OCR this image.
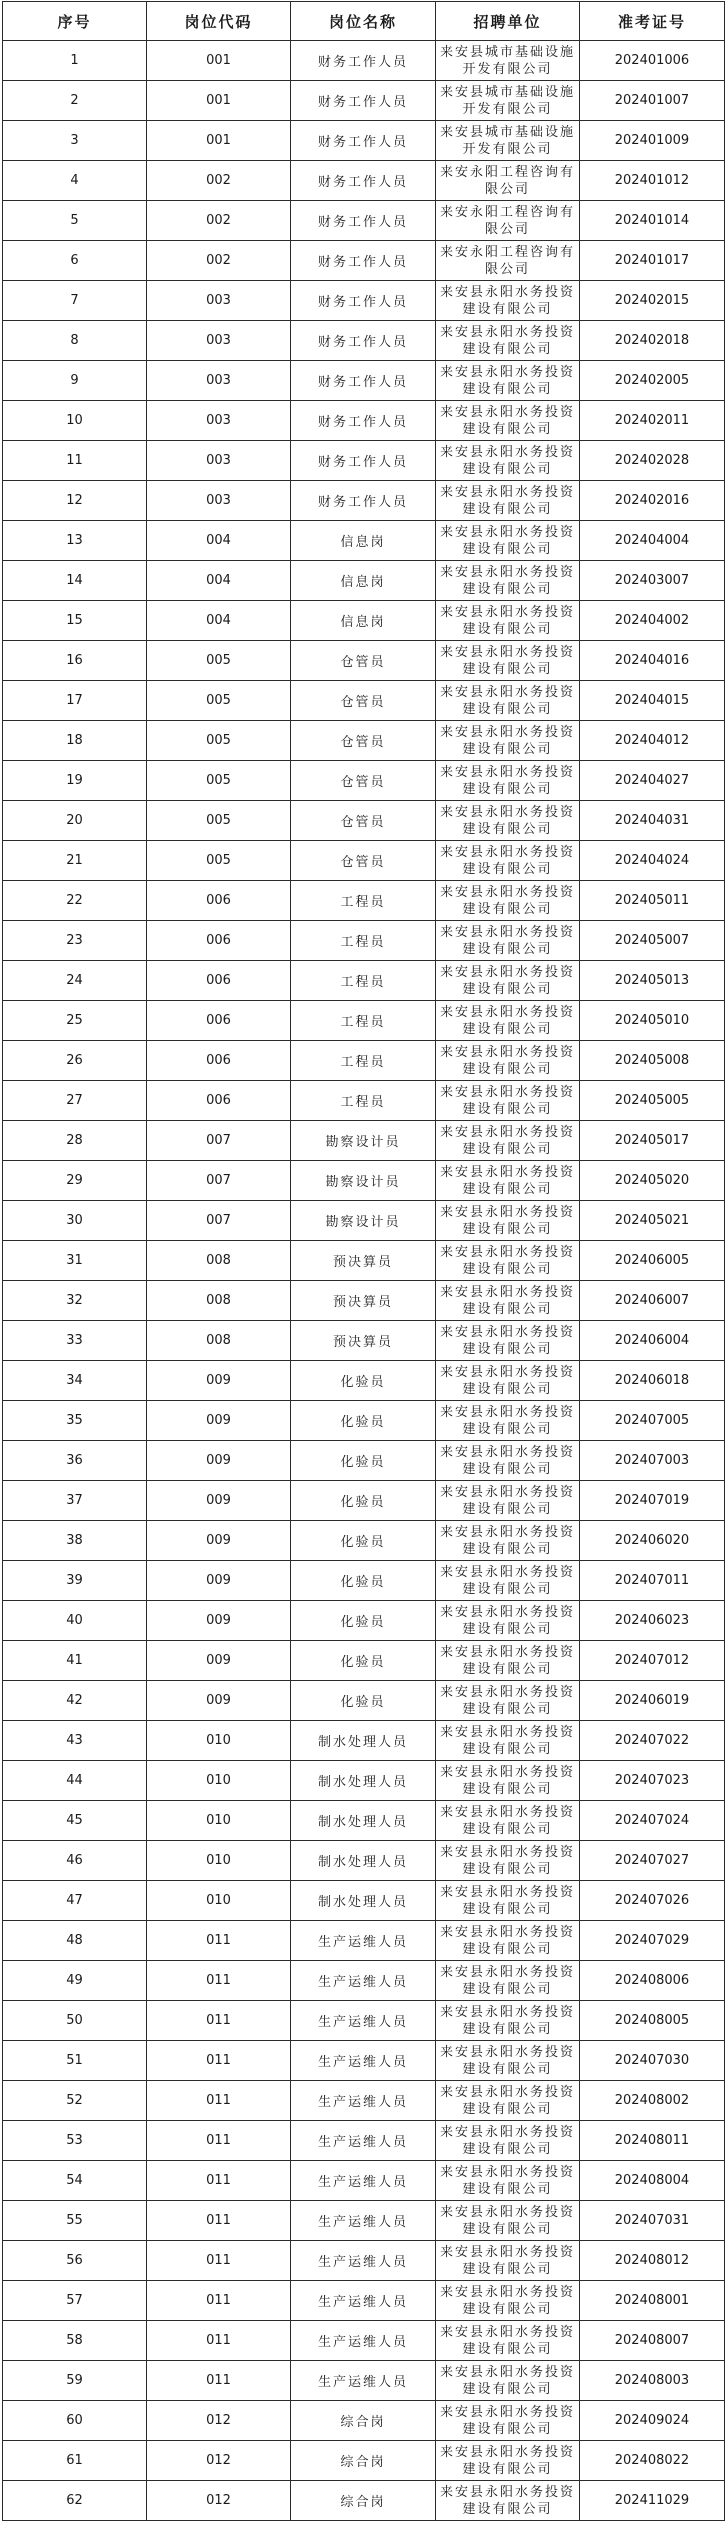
序号	岗位代码	岗位名称	招聘单位	准考证号
1	001	财务工作人员	来安县城市基础设施开发有限公司	202401006
2	001	财务工作人员	来安县城市基础设施开发有限公司	202401007
3	001	财务工作人员	来安县城市基础设施开发有限公司	202401009
4	002	财务工作人员	来安永阳工程咨询有限公司	202401012
5	002	财务工作人员	来安永阳工程咨询有限公司	202401014
6	002	财务工作人员	来安永阳工程咨询有限公司	202401017
7	003	财务工作人员	来安县永阳水务投资建设有限公司	202402015
8	003	财务工作人员	来安县永阳水务投资建设有限公司	202402018
9	003	财务工作人员	来安县永阳水务投资建设有限公司	202402005
10	003	财务工作人员	来安县永阳水务投资建设有限公司	202402011
11	003	财务工作人员	来安县永阳水务投资建设有限公司	202402028
12	003	财务工作人员	来安县永阳水务投资建设有限公司	202402016
13	004	信息岗	来安县永阳水务投资建设有限公司	202404004
14	004	信息岗	来安县永阳水务投资建设有限公司	202403007
15	004	信息岗	来安县永阳水务投资建设有限公司	202404002
16	005	仓管员	来安县永阳水务投资建设有限公司	202404016
17	005	仓管员	来安县永阳水务投资建设有限公司	202404015
18	005	仓管员	来安县永阳水务投资建设有限公司	202404012
19	005	仓管员	来安县永阳水务投资建设有限公司	202404027
20	005	仓管员	来安县永阳水务投资建设有限公司	202404031
21	005	仓管员	来安县永阳水务投资建设有限公司	202404024
22	006	工程员	来安县永阳水务投资建设有限公司	202405011
23	006	工程员	来安县永阳水务投资建设有限公司	202405007
24	006	工程员	来安县永阳水务投资建设有限公司	202405013
25	006	工程员	来安县永阳水务投资建设有限公司	202405010
26	006	工程员	来安县永阳水务投资建设有限公司	202405008
27	006	工程员	来安县永阳水务投资建设有限公司	202405005
28	007	勘察设计员	来安县永阳水务投资建设有限公司	202405017
29	007	勘察设计员	来安县永阳水务投资建设有限公司	202405020
30	007	勘察设计员	来安县永阳水务投资建设有限公司	202405021
31	008	预决算员	来安县永阳水务投资建设有限公司	202406005
32	008	预决算员	来安县永阳水务投资建设有限公司	202406007
33	008	预决算员	来安县永阳水务投资建设有限公司	202406004
34	009	化验员	来安县永阳水务投资建设有限公司	202406018
35	009	化验员	来安县永阳水务投资建设有限公司	202407005
36	009	化验员	来安县永阳水务投资建设有限公司	202407003
37	009	化验员	来安县永阳水务投资建设有限公司	202407019
38	009	化验员	来安县永阳水务投资建设有限公司	202406020
39	009	化验员	来安县永阳水务投资建设有限公司	202407011
40	009	化验员	来安县永阳水务投资建设有限公司	202406023
41	009	化验员	来安县永阳水务投资建设有限公司	202407012
42	009	化验员	来安县永阳水务投资建设有限公司	202406019
43	010	制水处理人员	来安县永阳水务投资建设有限公司	202407022
44	010	制水处理人员	来安县永阳水务投资建设有限公司	202407023
45	010	制水处理人员	来安县永阳水务投资建设有限公司	202407024
46	010	制水处理人员	来安县永阳水务投资建设有限公司	202407027
47	010	制水处理人员	来安县永阳水务投资建设有限公司	202407026
48	011	生产运维人员	来安县永阳水务投资建设有限公司	202407029
49	011	生产运维人员	来安县永阳水务投资建设有限公司	202408006
50	011	生产运维人员	来安县永阳水务投资建设有限公司	202408005
51	011	生产运维人员	来安县永阳水务投资建设有限公司	202407030
52	011	生产运维人员	来安县永阳水务投资建设有限公司	202408002
53	011	生产运维人员	来安县永阳水务投资建设有限公司	202408011
54	011	生产运维人员	来安县永阳水务投资建设有限公司	202408004
55	011	生产运维人员	来安县永阳水务投资建设有限公司	202407031
56	011	生产运维人员	来安县永阳水务投资建设有限公司	202408012
57	011	生产运维人员	来安县永阳水务投资建设有限公司	202408001
58	011	生产运维人员	来安县永阳水务投资建设有限公司	202408007
59	011	生产运维人员	来安县永阳水务投资建设有限公司	202408003
60	012	综合岗	来安县永阳水务投资建设有限公司	202409024
61	012	综合岗	来安县永阳水务投资建设有限公司	202408022
62	012	综合岗	来安县永阳水务投资建设有限公司	202411029
